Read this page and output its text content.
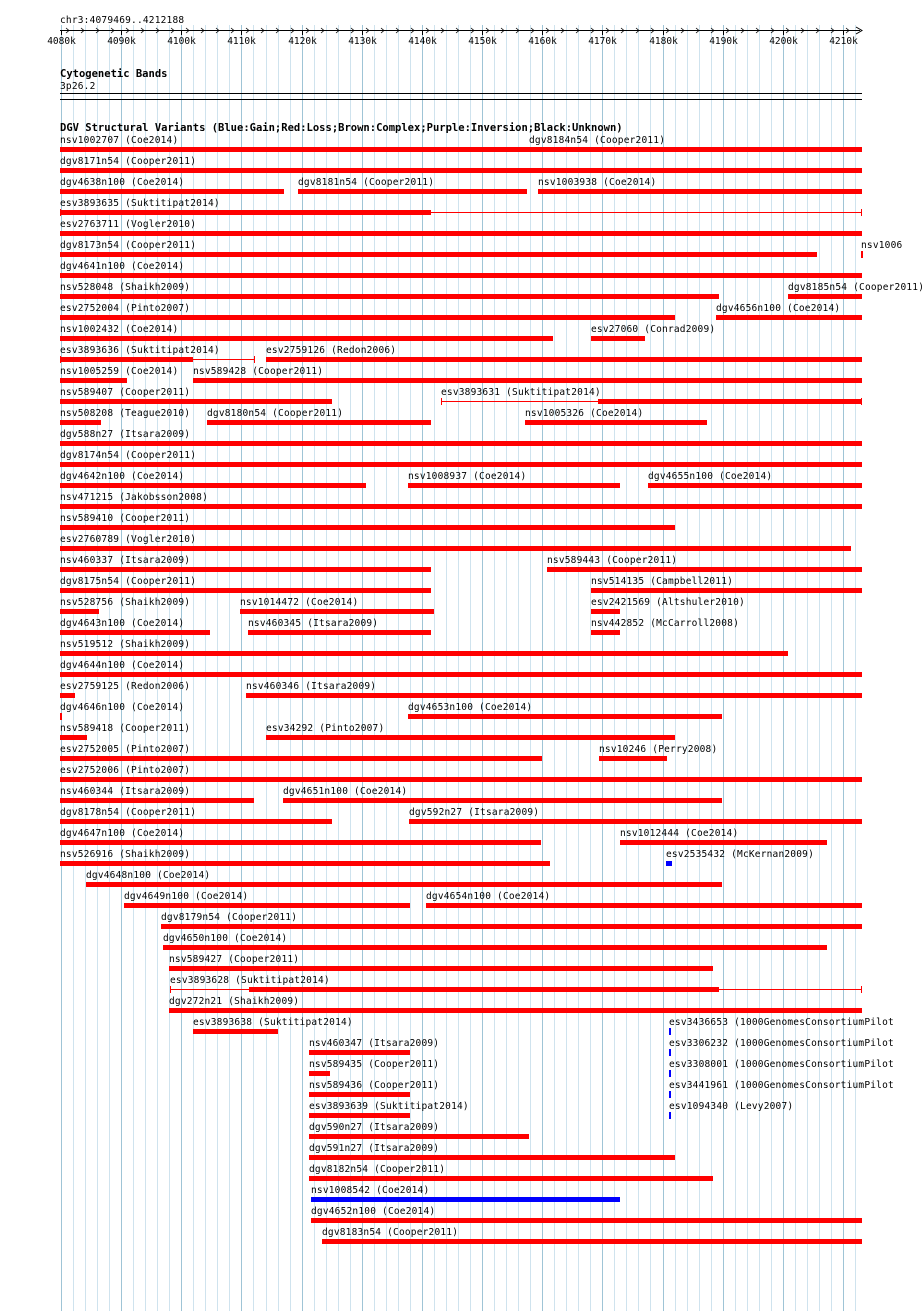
4080k	4090k	4100k	4110k	4120k	4130k	4140k	4150k	4160k	4170k	4180k	4190k	4200k	4210k
chr3:4079469..4212188
Cytogenetic Bands
3p26.2
DGV Structural Variants (Blue:Gain;Red:Loss;Brown:Complex;Purple:Inversion;Black:Unknown)
nsv1002707 (Coe2014)	dgv8184n54 (Cooper2011)
dgv8171n54 (Cooper2011)
dgv4638n100 (Coe2014)	dgv8181n54 (Cooper2011)	nsv1003938 (Coe2014)
esv3893635 (Suktitipat2014)
esv2763711 (Vogler2010)
dgv8173n54 (Cooper2011)	nsv1006
dgv4641n100 (Coe2014)
nsv528048 (Shaikh2009)	dgv8185n54 (Cooper2011)
esv2752004 (Pinto2007)	dgv4656n100 (Coe2014)
nsv1002432 (Coe2014)	esv27060 (Conrad2009)
esv3893636 (Suktitipat2014)	esv2759126 (Redon2006)
nsv1005259 (Coe2014) nsv589428 (Cooper2011)
nsv589407 (Cooper2011)	esv3893631 (Suktitipat2014)
nsv508208 (Teague2010) dgv8180n54 (Cooper2011)	nsv1005326 (Coe2014)
dgv588n27 (Itsara2009)
dgv8174n54 (Cooper2011)
dgv4642n100 (Coe2014)	nsv1008937 (Coe2014)	dgv4655n100 (Coe2014)
nsv471215 (Jakobsson2008)
nsv589410 (Cooper2011)
esv2760789 (Vogler2010)
nsv460337 (Itsara2009)	nsv589443 (Cooper2011)
dgv8175n54 (Cooper2011)	nsv514135 (Campbell2011)
nsv528756 (Shaikh2009)	nsv1014472 (Coe2014)	esv2421569 (Altshuler2010)
dgv4643n100 (Coe2014)	nsv460345 (Itsara2009)	nsv442852 (McCarroll2008)
nsv519512 (Shaikh2009)
dgv4644n100 (Coe2014)
esv2759125 (Redon2006)	nsv460346 (Itsara2009)
dgv4646n100 (Coe2014)	dgv4653n100 (Coe2014)
nsv589418 (Cooper2011)	esv34292 (Pinto2007)
esv2752005 (Pinto2007)	nsv10246 (Perry2008)
esv2752006 (Pinto2007)
nsv460344 (Itsara2009)	dgv4651n100 (Coe2014)
dgv8178n54 (Cooper2011)	dgv592n27 (Itsara2009)
dgv4647n100 (Coe2014)	nsv1012444 (Coe2014)
nsv526916 (Shaikh2009)	esv2535432 (McKernan2009)
dgv4648n100 (Coe2014)
dgv4649n100 (Coe2014)	dgv4654n100 (Coe2014)
dgv8179n54 (Cooper2011)
dgv4650n100 (Coe2014)
nsv589427 (Cooper2011)
esv3893628 (Suktitipat2014)
dgv272n21 (Shaikh2009)
esv3893638 (Suktitipat2014)	esv3436653 (1000GenomesConsortiumPilot
nsv460347 (Itsara2009)	esv3306232 (1000GenomesConsortiumPilot
nsv589435 (Cooper2011)	esv3308001 (1000GenomesConsortiumPilot
nsv589436 (Cooper2011)	esv3441961 (1000GenomesConsortiumPilot
esv3893639 (Suktitipat2014)	esv1094340 (Levy2007)
dgv590n27 (Itsara2009)
dgv591n27 (Itsara2009)
dgv8182n54 (Cooper2011)
nsv1008542 (Coe2014)
dgv4652n100 (Coe2014)
dgv8183n54 (Cooper2011)
